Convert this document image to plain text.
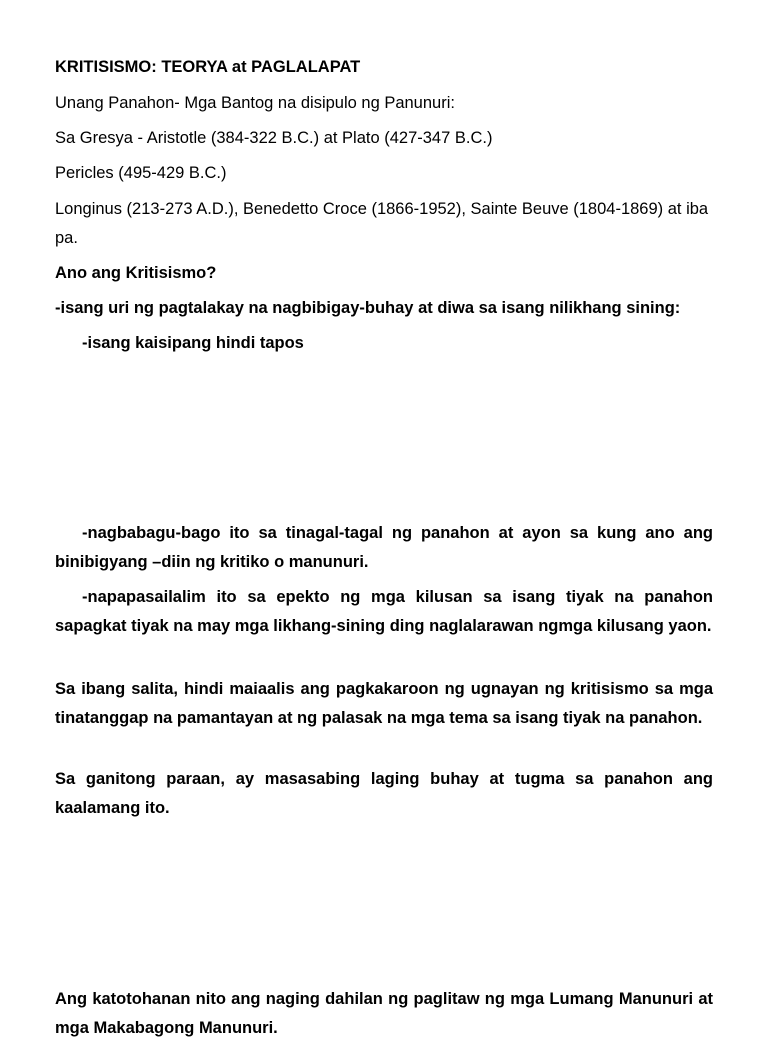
KRITISISMO: TEORYA at PAGLALAPAT
Unang Panahon- Mga Bantog na disipulo ng Panunuri:
Sa Gresya - Aristotle (384-322 B.C.) at Plato (427-347 B.C.)
Pericles (495-429 B.C.)
Longinus (213-273 A.D.), Benedetto Croce (1866-1952), Sainte Beuve (1804-1869) at iba pa.
Ano ang Kritisismo?
-isang uri ng pagtalakay na nagbibigay-buhay at diwa sa isang nilikhang sining:
-isang kaisipang hindi tapos
-nagbabagu-bago ito sa tinagal-tagal ng panahon at ayon sa kung ano ang binibigyang –diin ng kritiko o manunuri.
-napapasailalim ito sa epekto ng mga kilusan sa isang tiyak na panahon sapagkat tiyak na may mga likhang-sining ding naglalarawan ngmga kilusang yaon.
Sa ibang salita, hindi maiaalis ang pagkakaroon ng ugnayan ng kritisismo sa mga tinatanggap na pamantayan at ng palasak na mga tema sa isang tiyak na panahon.
Sa ganitong paraan, ay masasabing laging buhay at tugma sa panahon ang kaalamang ito.
Ang katotohanan nito ang naging dahilan ng paglitaw ng mga Lumang Manunuri at mga Makabagong Manunuri.
